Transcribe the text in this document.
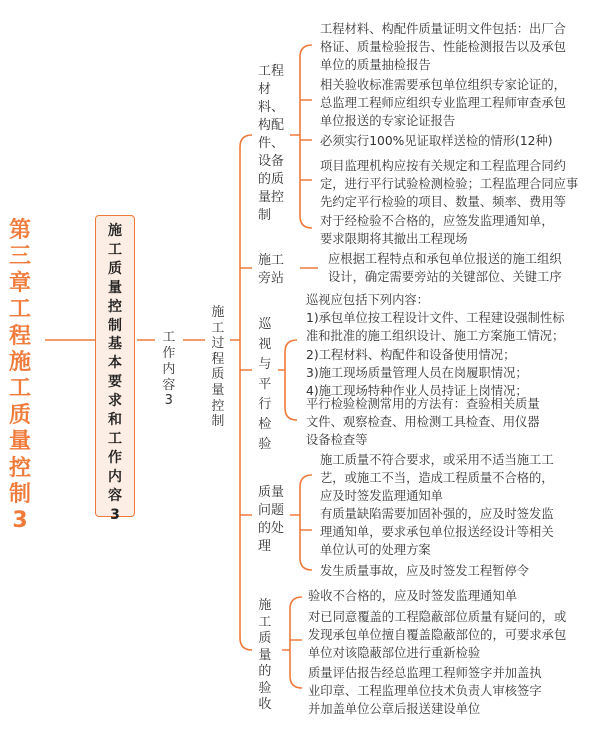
第三章工程施工质量控制3
施工质量控制基本要求和工作内容3
工作内容3
施工过程质量控制
工程材料、构配件、设备的质量控制
工程材料、构配件质量证明文件包括：出厂合
格证、质量检验报告、性能检测报告以及承包
单位的质量抽检报告
相关验收标准需要承包单位组织专家论证的，
总监理工程师应组织专业监理工程师审查承包
单位报送的专家论证报告
必须实行100%见证取样送检的情形(12种)
项目监理机构应按有关规定和工程监理合同约
定，进行平行试验检测检验；工程监理合同应事
先约定平行检验的项目、数量、频率、费用等
对于经检验不合格的，应签发监理通知单，
要求限期将其撤出工程现场
施工旁站
应根据工程特点和承包单位报送的施工组织
设计，确定需要旁站的关键部位、关键工序
巡视与平行检验
巡视应包括下列内容：
1)承包单位按工程设计文件、工程建设强制性标
准和批准的施工组织设计、施工方案施工情况；
2)工程材料、构配件和设备使用情况；
3)施工现场质量管理人员在岗履职情况；
4)施工现场特种作业人员持证上岗情况；
平行检验检测常用的方法有：查验相关质量
文件、观察检查、用检测工具检查、用仪器
设备检查等
质量问题的处理
施工质量不符合要求，或采用不适当施工工
艺，或施工不当，造成工程质量不合格的，
应及时签发监理通知单
有质量缺陷需要加固补强的，应及时签发监
理通知单，要求承包单位报送经设计等相关
单位认可的处理方案
发生质量事故，应及时签发工程暂停令
施工质量的验收
验收不合格的，应及时签发监理通知单
对已同意覆盖的工程隐蔽部位质量有疑问的，或
发现承包单位擅自覆盖隐蔽部位的，可要求承包
单位对该隐蔽部位进行重新检验
质量评估报告经总监理工程师签字并加盖执
业印章、工程监理单位技术负责人审核签字
并加盖单位公章后报送建设单位
